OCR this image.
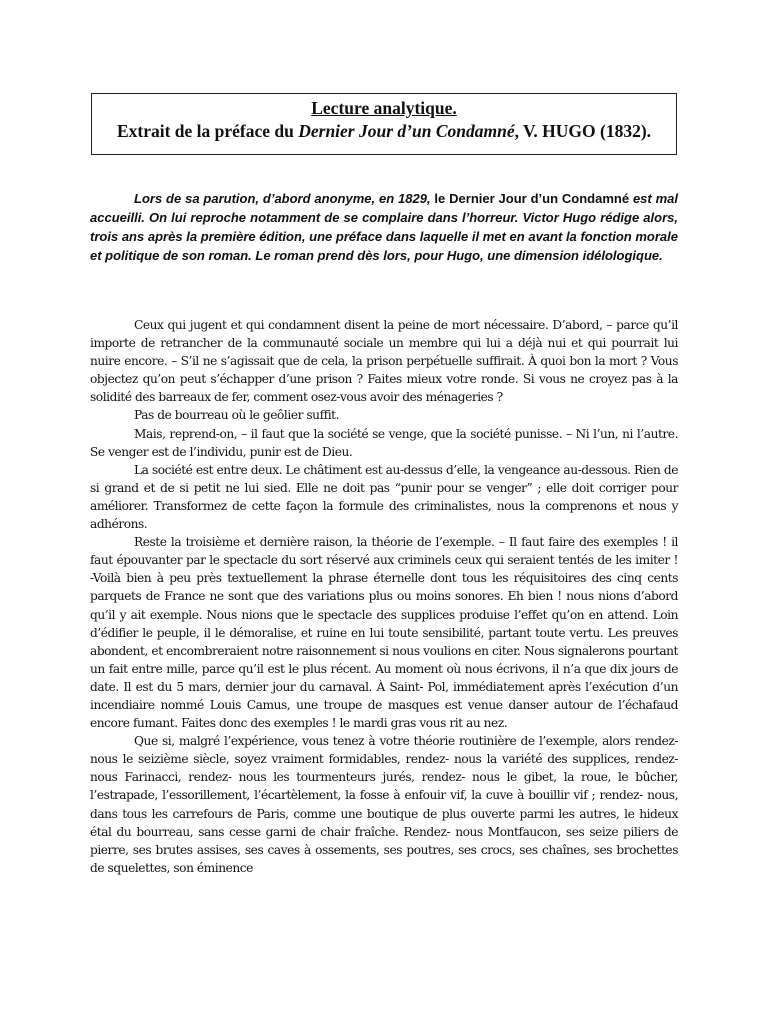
Lecture analytique.
Extrait de la préface du Dernier Jour d’un Condamné, V. HUGO (1832).

Lors de sa parution, d’abord anonyme, en 1829, le Dernier Jour d’un Condamné est mal accueilli. On lui reproche notamment de se complaire dans l’horreur. Victor Hugo rédige alors, trois ans après la première édition, une préface dans laquelle il met en avant la fonction morale et politique de son roman. Le roman prend dès lors, pour Hugo, une dimension idélologique.

Ceux qui jugent et qui condamnent disent la peine de mort nécessaire. D’abord, – parce qu’il importe de retrancher de la communauté sociale un membre qui lui a déjà nui et qui pourrait lui nuire encore. – S’il ne s’agissait que de cela, la prison perpétuelle suffirait. À quoi bon la mort ? Vous objectez qu’on peut s’échapper d’une prison ? Faites mieux votre ronde. Si vous ne croyez pas à la solidité des barreaux de fer, comment osez-vous avoir des ménageries ?

Pas de bourreau où le geôlier suffit.

Mais, reprend-on, – il faut que la société se venge, que la société punisse. – Ni l’un, ni l’autre. Se venger est de l’individu, punir est de Dieu.

La société est entre deux. Le châtiment est au-dessus d’elle, la vengeance au-dessous. Rien de si grand et de si petit ne lui sied. Elle ne doit pas “punir pour se venger” ; elle doit corriger pour améliorer. Transformez de cette façon la formule des criminalistes, nous la comprenons et nous y adhérons.

Reste la troisième et dernière raison, la théorie de l’exemple. – Il faut faire des exemples ! il faut épouvanter par le spectacle du sort réservé aux criminels ceux qui seraient tentés de les imiter ! -Voilà bien à peu près textuellement la phrase éternelle dont tous les réquisitoires des cinq cents parquets de France ne sont que des variations plus ou moins sonores. Eh bien ! nous nions d’abord qu’il y ait exemple. Nous nions que le spectacle des supplices produise l’effet qu’on en attend. Loin d’édifier le peuple, il le démoralise, et ruine en lui toute sensibilité, partant toute vertu. Les preuves abondent, et encombreraient notre raisonnement si nous voulions en citer. Nous signalerons pourtant un fait entre mille, parce qu’il est le plus récent. Au moment où nous écrivons, il n’a que dix jours de date. Il est du 5 mars, dernier jour du carnaval. À Saint- Pol, immédiatement après l’exécution d’un incendiaire nommé Louis Camus, une troupe de masques est venue danser autour de l’échafaud encore fumant. Faites donc des exemples ! le mardi gras vous rit au nez.

Que si, malgré l’expérience, vous tenez à votre théorie routinière de l’exemple, alors rendez- nous le seizième siècle, soyez vraiment formidables, rendez- nous la variété des supplices, rendez- nous Farinacci, rendez- nous les tourmenteurs jurés, rendez- nous le gibet, la roue, le bûcher, l’estrapade, l’essorillement, l’écartèlement, la fosse à enfouir vif, la cuve à bouillir vif ; rendez- nous, dans tous les carrefours de Paris, comme une boutique de plus ouverte parmi les autres, le hideux étal du bourreau, sans cesse garni de chair fraîche. Rendez- nous Montfaucon, ses seize piliers de pierre, ses brutes assises, ses caves à ossements, ses poutres, ses crocs, ses chaînes, ses brochettes de squelettes, son éminence
